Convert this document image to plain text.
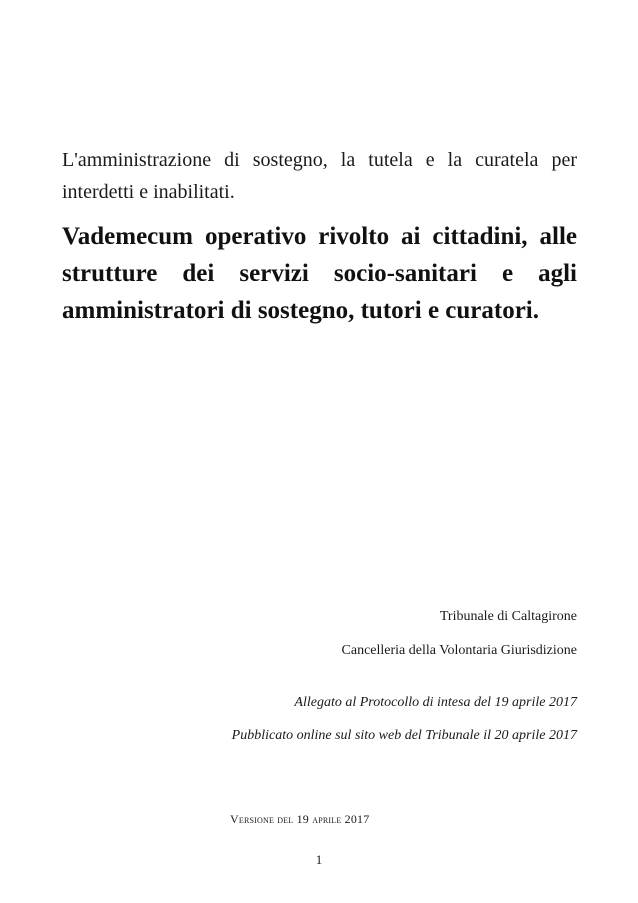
L'amministrazione di sostegno, la tutela e la curatela per interdetti e inabilitati.

Vademecum operativo rivolto ai cittadini, alle strutture dei servizi socio-sanitari e agli amministratori di sostegno, tutori e curatori.

Tribunale di Caltagirone

Cancelleria della Volontaria Giurisdizione

Allegato al Protocollo di intesa del 19 aprile 2017

Pubblicato online sul sito web del Tribunale il 20 aprile 2017

Versione del 19 aprile 2017

1
